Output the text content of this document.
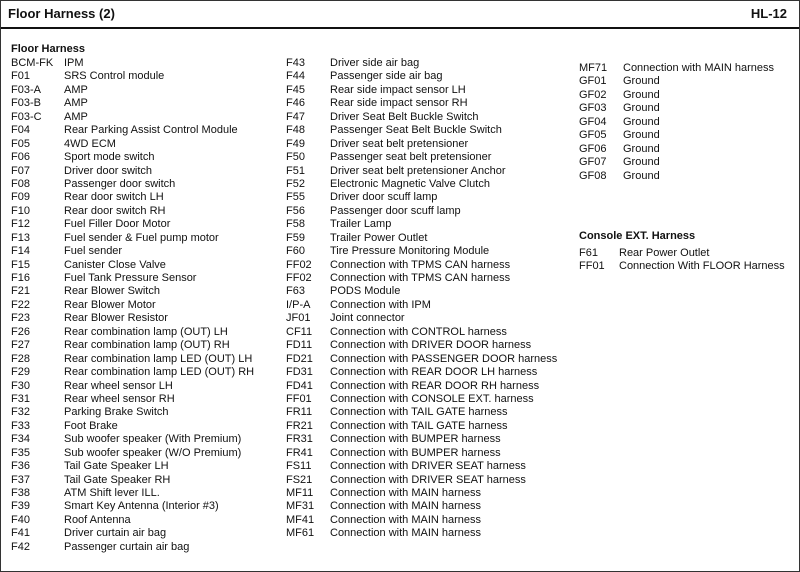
Floor Harness (2)	HL-12
Floor Harness
BCM-FK IPM
F01	SRS Control module
F03-A AMP
F03-B AMP
F03-C AMP
F04	Rear Parking Assist Control Module
F05	4WD ECM
F06	Sport mode switch
F07	Driver door switch
F08	Passenger door switch
F09	Rear door switch LH
F10	Rear door switch RH
F12	Fuel Filler Door Motor
F13	Fuel sender & Fuel pump motor
F14	Fuel sender
F15	Canister Close Valve
F16	Fuel Tank Pressure Sensor
F21	Rear Blower Switch
F22	Rear Blower Motor
F23	Rear Blower Resistor
F26	Rear combination lamp (OUT) LH
F27	Rear combination lamp (OUT) RH
F28	Rear combination lamp LED (OUT) LH
F29	Rear combination lamp LED (OUT) RH
F30	Rear wheel sensor LH
F31	Rear wheel sensor RH
F32	Parking Brake Switch
F33	Foot Brake
F34	Sub woofer speaker (With Premium)
F35	Sub woofer speaker (W/O Premium)
F36	Tail Gate Speaker LH
F37	Tail Gate Speaker RH
F38	ATM Shift lever ILL.
F39	Smart Key Antenna (Interior #3)
F40	Roof Antenna
F41	Driver curtain air bag
F42	Passenger curtain air bag
F43 Driver side air bag
F44 Passenger side air bag
F45 Rear side impact sensor LH
F46 Rear side impact sensor RH
F47 Driver Seat Belt Buckle Switch
F48 Passenger Seat Belt Buckle Switch
F49 Driver seat belt pretensioner
F50 Passenger seat belt pretensioner
F51 Driver seat belt pretensioner Anchor
F52 Electronic Magnetic Valve Clutch
F55 Driver door scuff lamp
F56 Passenger door scuff lamp
F58 Trailer Lamp
F59 Trailer Power Outlet
F60 Tire Pressure Monitoring Module
FF02 Connection with TPMS CAN harness
FF02 Connection with TPMS CAN harness
F63 PODS Module
I/P-A Connection with IPM
JF01 Joint connector
CF11 Connection with CONTROL harness
FD11 Connection with DRIVER DOOR harness
FD21 Connection with PASSENGER DOOR harness
FD31 Connection with REAR DOOR LH harness
FD41 Connection with REAR DOOR RH harness
FF01 Connection with CONSOLE EXT. harness
FR11 Connection with TAIL GATE harness
FR21 Connection with TAIL GATE harness
FR31 Connection with BUMPER harness
FR41 Connection with BUMPER harness
FS11 Connection with DRIVER SEAT harness
FS21 Connection with DRIVER SEAT harness
MF11 Connection with MAIN harness
MF31 Connection with MAIN harness
MF41 Connection with MAIN harness
MF61 Connection with MAIN harness
MF71 Connection with MAIN harness
GF01 Ground
GF02 Ground
GF03 Ground
GF04 Ground
GF05 Ground
GF06 Ground
GF07 Ground
GF08 Ground
Console EXT. Harness
F61 Rear Power Outlet
FF01 Connection With FLOOR Harness
